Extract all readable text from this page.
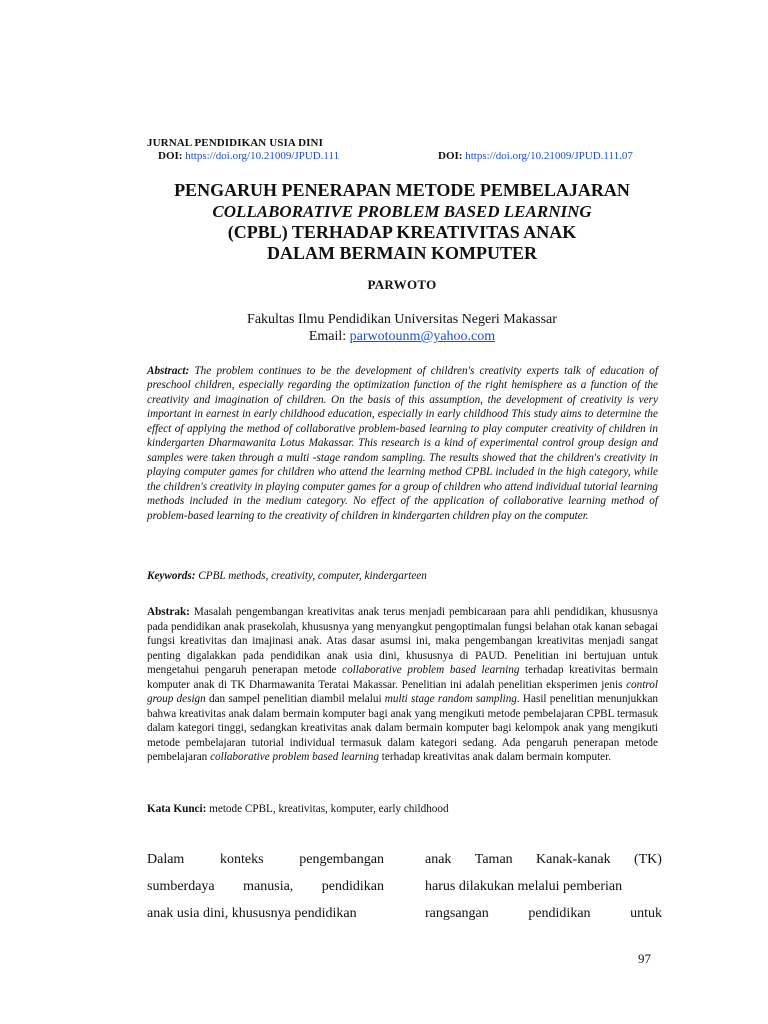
JURNAL PENDIDIKAN USIA DINI
DOI: https://doi.org/10.21009/JPUD.111	DOI: https://doi.org/10.21009/JPUD.111.07

PENGARUH PENERAPAN METODE PEMBELAJARAN

COLLABORATIVE PROBLEM BASED LEARNING

(CPBL) TERHADAP KREATIVITAS ANAK

DALAM BERMAIN KOMPUTER

PARWOTO
Fakultas Ilmu Pendidikan Universitas Negeri Makassar
Email: parwotounm@yahoo.com
Abstract: The problem continues to be the development of children's creativity experts talk of education of preschool children, especially regarding the optimization function of the right hemisphere as a function of the creativity and imagination of children. On the basis of this assumption, the development of creativity is very important in earnest in early childhood education, especially in early childhood This study aims to determine the effect of applying the method of collaborative problem-based learning to play computer creativity of children in kindergarten Dharmawanita Lotus Makassar. This research is a kind of experimental control group design and samples were taken through a multi -stage random sampling. The results showed that the children's creativity in playing computer games for children who attend the learning method CPBL included in the high category, while the children's creativity in playing computer games for a group of children who attend individual tutorial learning methods included in the medium category. No effect of the application of collaborative learning method of problem-based learning to the creativity of children in kindergarten children play on the computer.
Keywords: CPBL methods, creativity, computer, kindergarteen
Abstrak: Masalah pengembangan kreativitas anak terus menjadi pembicaraan para ahli pendidikan, khususnya pada pendidikan anak prasekolah, khususnya yang menyangkut pengoptimalan fungsi belahan otak kanan sebagai fungsi kreativitas dan imajinasi anak. Atas dasar asumsi ini, maka pengembangan kreativitas menjadi sangat penting digalakkan pada pendidikan anak usia dini, khususnya di PAUD. Penelitian ini bertujuan untuk mengetahui pengaruh penerapan metode collaborative problem based learning terhadap kreativitas bermain komputer anak di TK Dharmawanita Teratai Makassar. Penelitian ini adalah penelitian eksperimen jenis control group design dan sampel penelitian diambil melalui multi stage random sampling. Hasil penelitian menunjukkan bahwa kreativitas anak dalam bermain komputer bagi anak yang mengikuti metode pembelajaran CPBL termasuk dalam kategori tinggi, sedangkan kreativitas anak dalam bermain komputer bagi kelompok anak yang mengikuti metode pembelajaran tutorial individual termasuk dalam kategori sedang. Ada pengaruh penerapan metode pembelajaran collaborative problem based learning terhadap kreativitas anak dalam bermain komputer.
Kata Kunci: metode CPBL, kreativitas, komputer, early childhood
Dalam	konteks	pengembangan
sumberdaya manusia, pendidikan
anak usia dini, khususnya pendidikan
anak Taman Kanak-kanak (TK)
harus dilakukan melalui pemberian
rangsangan	pendidikan	untuk
97
